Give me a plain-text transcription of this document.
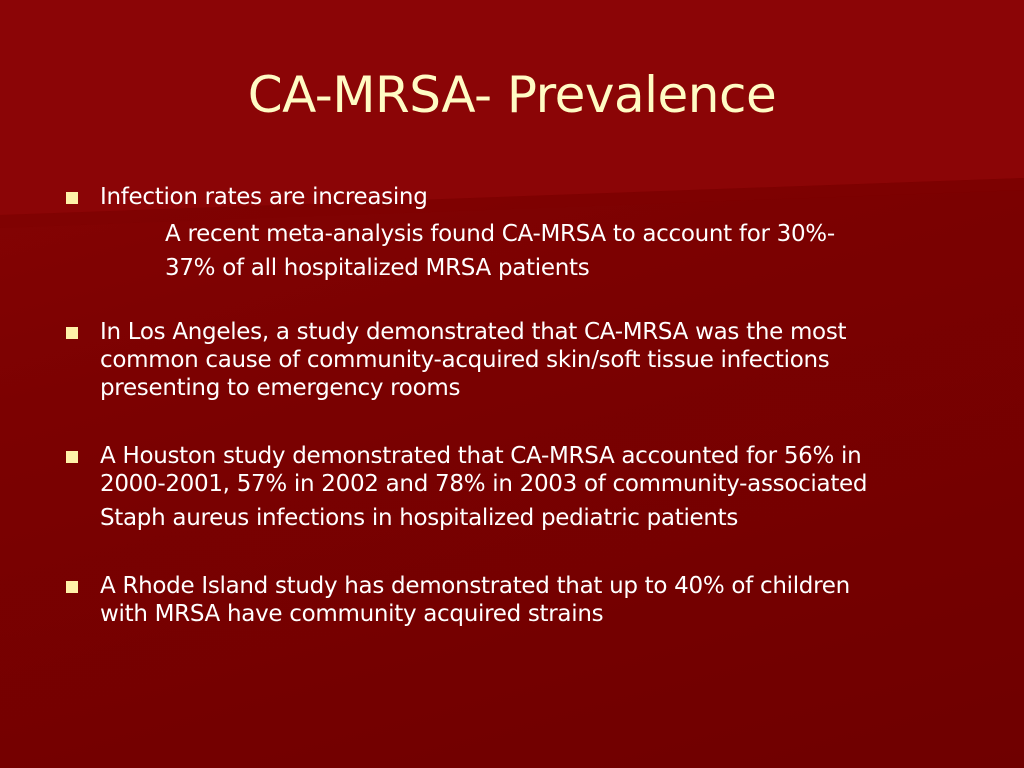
CA-MRSA- Prevalence
Infection rates are increasing
A recent meta-analysis found CA-MRSA to account for 30%-
37% of all hospitalized MRSA patients
In Los Angeles, a study demonstrated that CA-MRSA was the most
common cause of community-acquired skin/soft tissue infections
presenting to emergency rooms
A Houston study demonstrated that CA-MRSA accounted for 56% in
2000-2001, 57% in 2002 and 78% in 2003 of community-associated
Staph aureus infections in hospitalized pediatric patients
A Rhode Island study has demonstrated that up to 40% of children
with MRSA have community acquired strains
